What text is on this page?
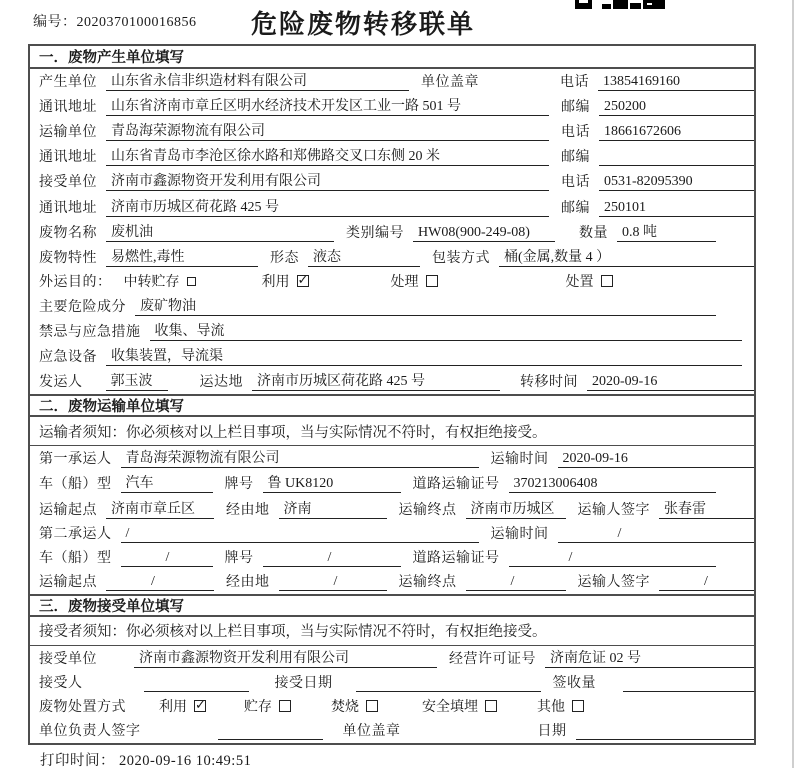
编号：2020370100016856	危险废物转移联单
一．废物产生单位填写
产生单位	山东省永信非织造材料有限公司	单位盖章	电话	13854169160
通讯地址	山东省济南市章丘区明水经济技术开发区工业一路 501 号	邮编	250200
运输单位	青岛海荣源物流有限公司	电话	18661672606
通讯地址	山东省青岛市李沧区徐水路和郑佛路交叉口东侧 20 米	邮编
接受单位	济南市鑫源物资开发利用有限公司	电话	0531-82095390
通讯地址	济南市历城区荷花路 425 号	邮编	250101
废物名称	废机油	类别编号	HW08(900-249-08)	数量	0.8 吨
废物特性	易燃性,毒性	形态	液态	包装方式	桶(金属,数量 4 ）
外运目的： 中转贮存	利用 ✓	处理	处置
主要危险成分	废矿物油
禁忌与应急措施	收集、导流
应急设备	收集装置，导流渠
发运人	郭玉波	运达地	济南市历城区荷花路 425 号	转移时间	2020-09-16
二．废物运输单位填写
运输者须知：你必须核对以上栏目事项，当与实际情况不符时，有权拒绝接受。
第一承运人	青岛海荣源物流有限公司	运输时间	2020-09-16
车（船）型	汽车	牌号	鲁 UK8120	道路运输证号	370213006408
运输起点	济南市章丘区	经由地	济南	运输终点	济南市历城区	运输人签字	张春雷
第二承运人	/	运输时间	/
车（船）型	/	牌号	/	道路运输证号	/
运输起点	/	经由地	/	运输终点	/	运输人签字	/
三．废物接受单位填写
接受者须知：你必须核对以上栏目事项，当与实际情况不符时，有权拒绝接受。
接受单位	济南市鑫源物资开发利用有限公司	经营许可证号	济南危证 02 号
接受人	接受日期	签收量
废物处置方式 利用 ✓	贮存	焚烧	安全填埋	其他
单位负责人签字	单位盖章	日期
打印时间： 2020-09-16 10:49:51
